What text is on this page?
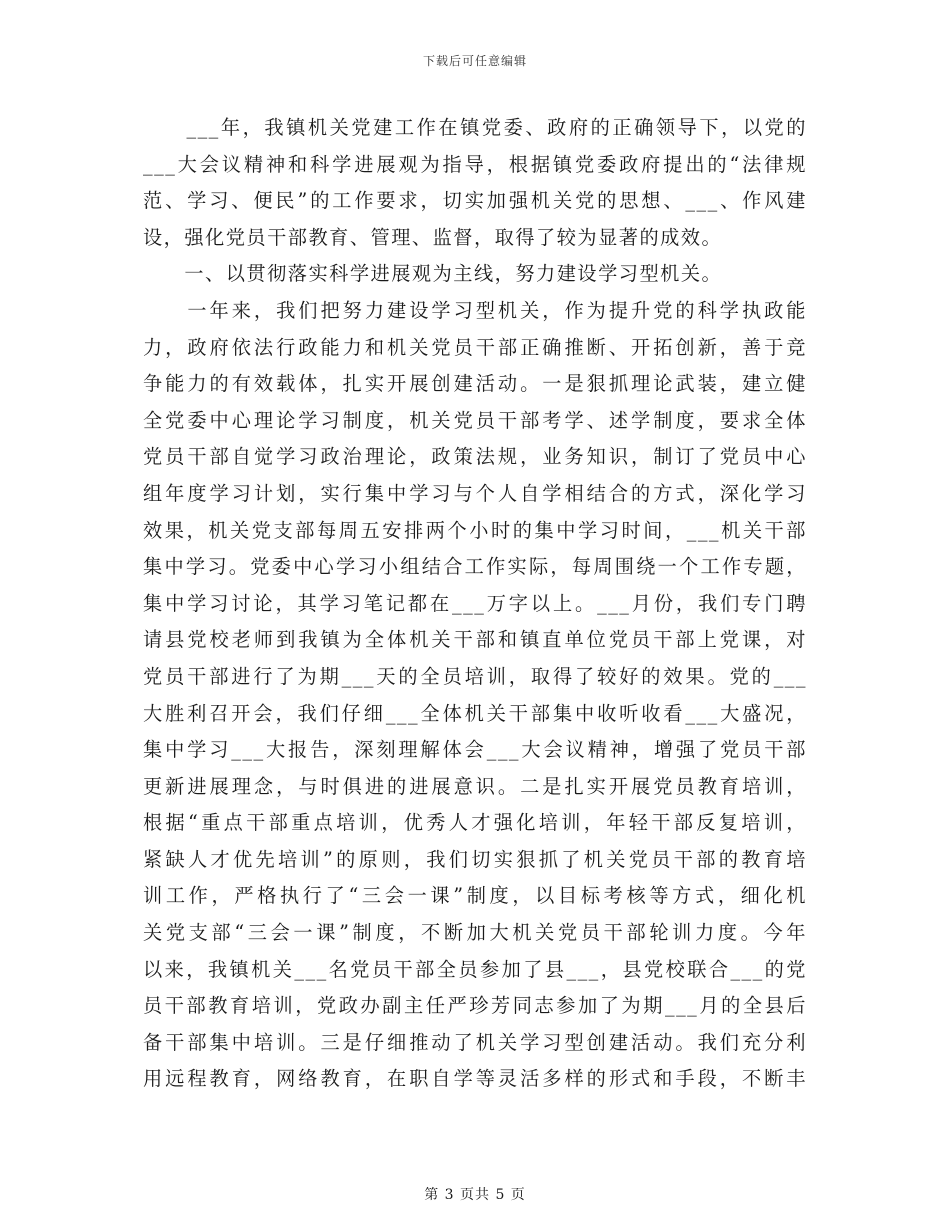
下载后可任意编辑
　　___年，我镇机关党建工作在镇党委、政府的正确领导下，以党的
___大会议精神和科学进展观为指导，根据镇党委政府提出的“法律规
范、学习、便民”的工作要求，切实加强机关党的思想、___、作风建
设，强化党员干部教育、管理、监督，取得了较为显著的成效。
　　一、以贯彻落实科学进展观为主线，努力建设学习型机关。
　　一年来，我们把努力建设学习型机关，作为提升党的科学执政能
力，政府依法行政能力和机关党员干部正确推断、开拓创新，善于竞
争能力的有效载体，扎实开展创建活动。一是狠抓理论武装，建立健
全党委中心理论学习制度，机关党员干部考学、述学制度，要求全体
党员干部自觉学习政治理论，政策法规，业务知识，制订了党员中心
组年度学习计划，实行集中学习与个人自学相结合的方式，深化学习
效果，机关党支部每周五安排两个小时的集中学习时间，___机关干部
集中学习。党委中心学习小组结合工作实际，每周围绕一个工作专题，
集中学习讨论，其学习笔记都在___万字以上。___月份，我们专门聘
请县党校老师到我镇为全体机关干部和镇直单位党员干部上党课，对
党员干部进行了为期___天的全员培训，取得了较好的效果。党的___
大胜利召开会，我们仔细___全体机关干部集中收听收看___大盛况，
集中学习___大报告，深刻理解体会___大会议精神，增强了党员干部
更新进展理念，与时俱进的进展意识。二是扎实开展党员教育培训，
根据“重点干部重点培训，优秀人才强化培训，年轻干部反复培训，
紧缺人才优先培训”的原则，我们切实狠抓了机关党员干部的教育培
训工作，严格执行了“三会一课”制度，以目标考核等方式，细化机
关党支部“三会一课”制度，不断加大机关党员干部轮训力度。今年
以来，我镇机关___名党员干部全员参加了县___，县党校联合___的党
员干部教育培训，党政办副主任严珍芳同志参加了为期___月的全县后
备干部集中培训。三是仔细推动了机关学习型创建活动。我们充分利
用远程教育，网络教育，在职自学等灵活多样的形式和手段，不断丰
第 3 页共 5 页
